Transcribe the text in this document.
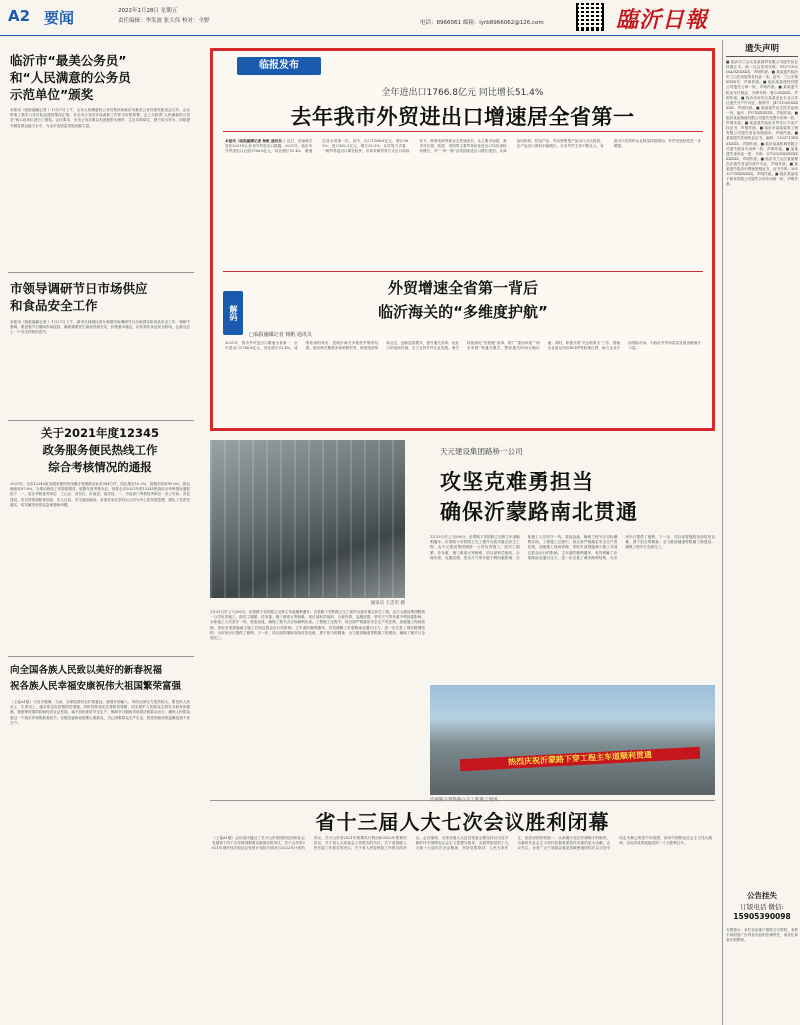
A2 要闻	2022年1月28日 星期五
责任编辑：李发波 张大伟 校对：全野	电话：8966061 邮箱：lyrb8966062@126.com	臨沂日報
临沂市“最美公务员”
和“人民满意的公务员
示范单位”颁奖
本报讯（临报融媒记者 ）1月27日上午，山东人民满意的公务员集体和临沂市最美公务员颁奖座谈会召开，会议听取了我市公务员队伍建设情况汇报，对全市公务员评选表彰工作作出安排部署，会上为获得“人民满意的公务员”和示范单位进行了颁奖。会议要求，全市公务员要以先进典型为榜样，立足本职岗位，勇于担当作为，持续提升服务群众能力水平，为全市高质量发展贡献力量。
市领导调研节日市场供应
和食品安全工作
本报讯（临报融媒记者 ）1月27日上午，副市长到城区部分商超市场调研节日市场供应和食品安全工作。调研中强调，要加强节日期间市场监管，确保重要民生商品货源充足、价格基本稳定，切实筑牢食品安全防线，让群众过上一个安全祥和的春节。
关于2021年度12345
政务服务便民热线工作
综合考核情况的通报
2021年，全市12345政务服务便民热线累计受理群众诉求384万件，同比增长10.2%，按期办结率99.8%，群众满意率97.6%。为推动热线工作提质增效，根据年度考核办法，现将全市2021年度12345热线综合考核情况通报如下：一、县区考核优秀单位：兰山区、河东区、沂南县、临沭县。二、市直部门考核优秀单位：市公安局、市住建局、市自然资源和规划局、市人社局、市交通运输局。希望各单位坚持以人民为中心的发展思想，强化工作责任落实，切实解决好群众急难愁盼问题。
向全国各族人民致以美好的新春祝福
祝各族人民幸福安康祝伟大祖国繁荣富强
（上接A1版）习近平强调，当前，全球疫情仍在扩散蔓延，我国外防输入、内防反弹压力依然较大。要坚持人民至上、生命至上，落实常态化疫情防控措施，因时因势优化完善防控策略，切实维护人民群众生命安全和身体健康。要统筹疫情防控和经济社会发展，毫不放松抓好安全生产，保障节日期间市场供应和群众出行，确保人民群众度过一个欢乐祥和的新春佳节。各级党委和政府要心系群众，关心困难群众生产生活，把党和政府的温暖送到千家万户。
临报发布
全年进出口1766.8亿元 同比增长51.4%
去年我市外贸进出口增速居全省第一
本报讯（临报融媒记者 杨帆 通讯员 ）近日，济南海关发布2021年山东省外贸进出口数据。2021年，临沂市外贸进出口总值1766.8亿元，同比增长51.4%，增速位居全省第一位。其中，出口1384.6亿元，增长56.5%；进口382.2亿元，增长35.3%。从贸易方式看，一般贸易进出口增长较快，市场采购贸易方式出口持续发力，跨境电商等新业态快速成长。从主要市场看，我市对东盟、欧盟、美国等主要贸易伙伴进出口均实现较快增长，对“一带一路”沿线国家进出口增长强劲。从商品结构看，机电产品、劳动密集型产品出口占比较高，农产品出口保持平稳增长。全市外贸主体不断壮大，有进出口实绩的企业数量持续增加，外贸发展韧性进一步增强。
解码
外贸增速全省第一背后
临沂海关的“多维度护航”
□临报融媒记者 杨帆 通讯员
2021年，我市外贸进出口增速全省第一，全年进出口1766.8亿元，同比增长51.4%。成绩取得的背后，是临沂海关多维度护航的结果。临沂海关聚焦市场采购贸易、跨境电商等新业态，创新监管模式，提升通关效率，优化口岸营商环境，全力支持外贸企业发展。海关持续深化“放管服”改革，推广“提前申报”“两步申报”等通关模式，整体通关时间大幅压缩。同时，积极开展“关企联系点”工作，帮助企业用足用好RCEP等政策红利，助力企业开拓国际市场，为临沂外贸高质量发展贡献海关力量。
通讯员 王忠军 摄
天元建设集团路桥一公司
攻坚克难勇担当
确保沂蒙路南北贯通
1月25日早上7点06分，沂蒙路下穿铁路立交桥主车道顺利通车。沂蒙路下穿铁路立交工程作为我市重点民生工程，由天元建设集团路桥一公司负责施工。面对工期紧、任务重、施工难度大等困难，项目部科学组织、合理安排，克服疫情、恶劣天气等多重不利因素影响，全体施工人员坚守一线，昼夜奋战，确保工程节点目标顺利实现。工程施工过程中，项目部严格落实安全生产责任制，加强施工现场管理，采取多项措施减少施工对周边群众出行的影响。主车道的顺利通车，有效缓解了沂蒙路南北通行压力，进一步完善了城市路网结构，为市民出行提供了便利。下一步，项目部将继续发扬攻坚克难、勇于担当的精神，全力推进辅道等附属工程建设，确保工程早日全面完工。
1月25日早上7点06分，沂蒙路下穿铁路立交桥主车道顺利通车。沂蒙路下穿铁路立交工程作为我市重点民生工程，由天元建设集团路桥一公司负责施工。面对工期紧、任务重、施工难度大等困难，项目部科学组织、合理安排，克服疫情、恶劣天气等多重不利因素影响，全体施工人员坚守一线，昼夜奋战，确保工程节点目标顺利实现。工程施工过程中，项目部严格落实安全生产责任制，加强施工现场管理，采取多项措施减少施工对周边群众出行的影响。主车道的顺利通车，有效缓解了沂蒙路南北通行压力，进一步完善了城市路网结构，为市民出行提供了便利。下一步，项目部将继续发扬攻坚克难、勇于担当的精神，全力推进辅道等附属工程建设，确保工程早日全面完工。
热烈庆祝沂蒙路下穿工程主车道顺利贯通
沂蒙路下穿铁路立交工程施工现场。
省十三届人大七次会议胜利闭幕
（上接A1版）会议表决通过了关于山东省国民经济和社会发展第十四个五年规划纲要实施情况的决议，关于山东省2021年国民经济和社会发展计划执行情况与2022年计划的决议，关于山东省2021年预算执行情况和2022年预算的决议，关于省人大常委会工作报告的决议，关于省高级人民法院工作报告的决议，关于省人民检察院工作报告的决议。会议强调，全省各级人大及其常委会要坚持以习近平新时代中国特色社会主义思想为指导，全面贯彻党的十九大和十九届历次全会精神，坚持党的领导、人民当家作主、依法治国有机统一，认真履行宪法法律赋予的职责，为新时代社会主义现代化强省建设作出新的更大贡献。会议号召，全省广大干部群众要更加紧密地团结在以习近平同志为核心的党中央周围，高举中国特色社会主义伟大旗帜，以优异成绩迎接党的二十大胜利召开。
遗失声明
■ 临沂市兰山区某某商贸有限公司遗失营业执照正本，统一社会信用代码：91371302MA3XXXXXX，声明作废。■ 某某遗失临沂市兰山区房屋所有权证一本，证号：兰山字第XXXX号，声明作废。■ 临沂某某建材有限公司遗失公章一枚，声明作废。■ 某某遗失机动车行驶证，号牌号码：鲁Q·XXXXX，声明作废。■ 临沂市河东区某某农业专业合作社遗失开户许可证，核准号：J4731000XXXXXX，声明作废。■ 某某遗失出生医学证明一份，编号：P37XXXXXXX，声明作废。■ 临沂某某物流有限公司遗失发票专用章一枚，声明作废。■ 某某遗失临沂市罗庄区不动产权证书，声明作废。■ 临沂市某某装饰工程有限公司遗失营业执照副本，声明作废。■ 某某遗失医师执业证书，编码：1103713XXXXXXX，声明作废。■ 临沂某某机械有限公司遗失财务专用章一枚，声明作废。■ 某某遗失身份证一张，号码：371302XXXXXXXXXXXX，声明作废。■ 临沂市兰山区某某餐饮店遗失食品经营许可证，声明作废。■ 某某遗失临沂市教师资格证书，证书号码：2013371XXXXXXX，声明作废。■ 临沂某某电子商务有限公司遗失合同专用章一枚，声明作废。
公告挂失
订版电话 微信:
15905390098
友情提示：本栏目由客户提供文字资料，本报不承担因广告内容引起的法律责任，请各位读者仔细辨别。
